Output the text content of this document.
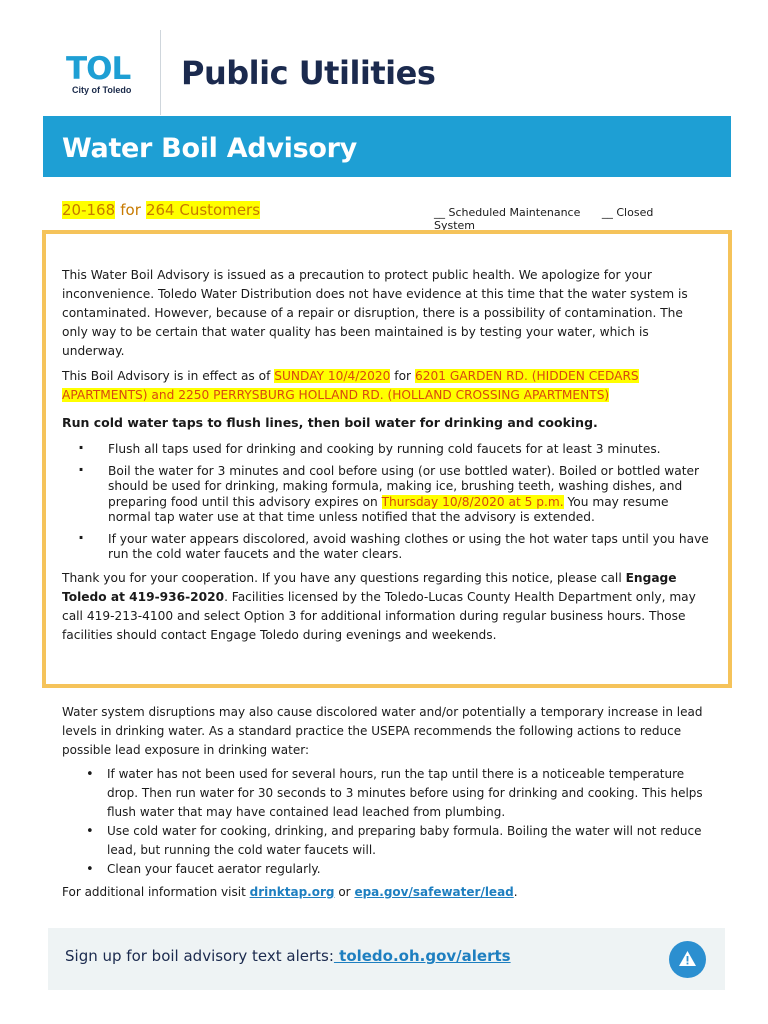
TOL
City of Toledo	Public Utilities
Water Boil Advisory
20-168 for 264 Customers	__ Scheduled Maintenance __ Closed System

This Water Boil Advisory is issued as a precaution to protect public health. We apologize for your inconvenience. Toledo Water Distribution does not have evidence at this time that the water system is contaminated. However, because of a repair or disruption, there is a possibility of contamination. The only way to be certain that water quality has been maintained is by testing your water, which is underway.

This Boil Advisory is in effect as of SUNDAY 10/4/2020 for 6201 GARDEN RD. (HIDDEN CEDARS APARTMENTS) and 2250 PERRYSBURG HOLLAND RD. (HOLLAND CROSSING APARTMENTS)

Run cold water taps to flush lines, then boil water for drinking and cooking.

· Flush all taps used for drinking and cooking by running cold faucets for at least 3 minutes.
· Boil the water for 3 minutes and cool before using (or use bottled water). Boiled or bottled water should be used for drinking, making formula, making ice, brushing teeth, washing dishes, and preparing food until this advisory expires on Thursday 10/8/2020 at 5 p.m. You may resume normal tap water use at that time unless notified that the advisory is extended.
· If your water appears discolored, avoid washing clothes or using the hot water taps until you have run the cold water faucets and the water clears.

Thank you for your cooperation. If you have any questions regarding this notice, please call Engage Toledo at 419-936-2020. Facilities licensed by the Toledo-Lucas County Health Department only, may call 419-213-4100 and select Option 3 for additional information during regular business hours. Those facilities should contact Engage Toledo during evenings and weekends.

Water system disruptions may also cause discolored water and/or potentially a temporary increase in lead levels in drinking water. As a standard practice the USEPA recommends the following actions to reduce possible lead exposure in drinking water:

• If water has not been used for several hours, run the tap until there is a noticeable temperature drop. Then run water for 30 seconds to 3 minutes before using for drinking and cooking. This helps flush water that may have contained lead leached from plumbing.
• Use cold water for cooking, drinking, and preparing baby formula. Boiling the water will not reduce lead, but running the cold water faucets will.
• Clean your faucet aerator regularly.

For additional information visit drinktap.org or epa.gov/safewater/lead.

Sign up for boil advisory text alerts: toledo.oh.gov/alerts
